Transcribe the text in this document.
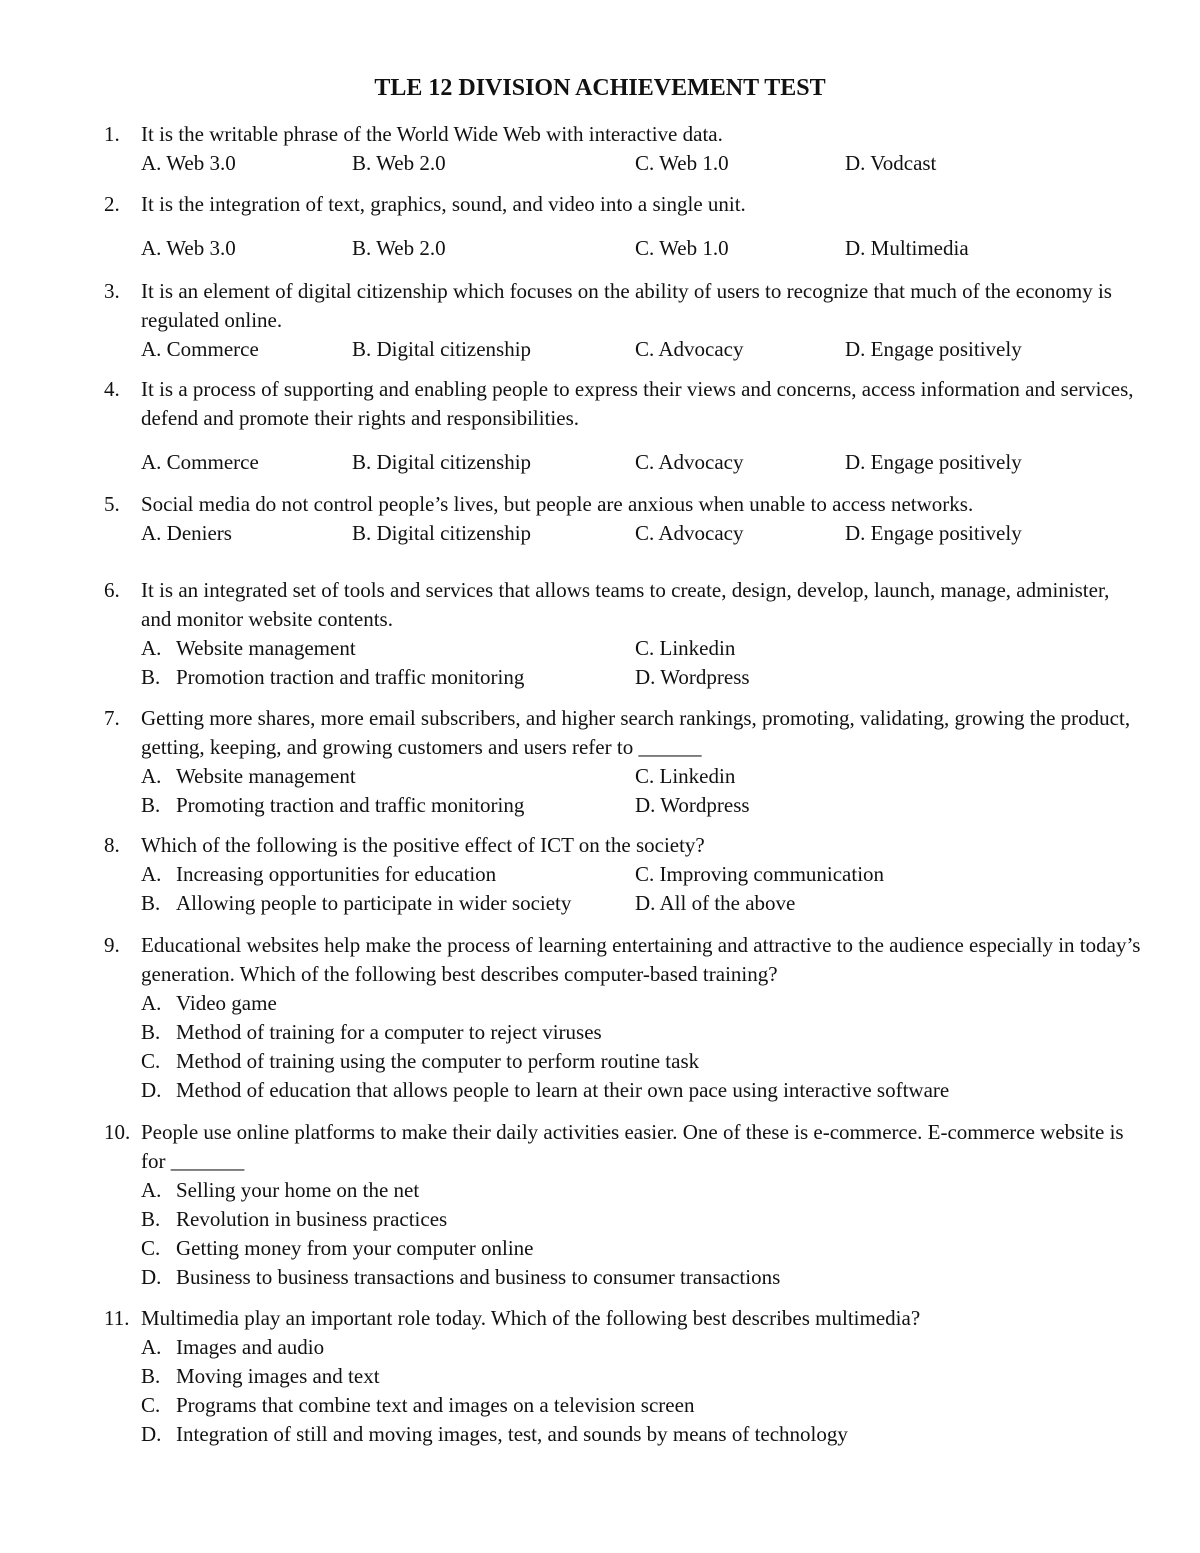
TLE 12 DIVISION ACHIEVEMENT TEST
1. It is the writable phrase of the World Wide Web with interactive data.
A. Web 3.0	B. Web 2.0	C. Web 1.0	D. Vodcast
2. It is the integration of text, graphics, sound, and video into a single unit.
A. Web 3.0	B. Web 2.0	C. Web 1.0	D. Multimedia
3. It is an element of digital citizenship which focuses on the ability of users to recognize that much of the economy is regulated online.
A. Commerce	B. Digital citizenship	C. Advocacy	D. Engage positively
4. It is a process of supporting and enabling people to express their views and concerns, access information and services, defend and promote their rights and responsibilities.
A. Commerce	B. Digital citizenship	C. Advocacy	D. Engage positively
5. Social media do not control people’s lives, but people are anxious when unable to access networks.
A. Deniers	B. Digital citizenship	C. Advocacy	D. Engage positively
6. It is an integrated set of tools and services that allows teams to create, design, develop, launch, manage, administer, and monitor website contents.
A. Website management	C. Linkedin
B. Promotion traction and traffic monitoring	D. Wordpress
7. Getting more shares, more email subscribers, and higher search rankings, promoting, validating, growing the product, getting, keeping, and growing customers and users refer to ______
A. Website management	C. Linkedin
B. Promoting traction and traffic monitoring	D. Wordpress
8. Which of the following is the positive effect of ICT on the society?
A. Increasing opportunities for education	C. Improving communication
B. Allowing people to participate in wider society	D. All of the above
9. Educational websites help make the process of learning entertaining and attractive to the audience especially in today’s generation. Which of the following best describes computer-based training?
A. Video game
B. Method of training for a computer to reject viruses
C. Method of training using the computer to perform routine task
D. Method of education that allows people to learn at their own pace using interactive software
10. People use online platforms to make their daily activities easier. One of these is e-commerce. E-commerce website is for _______
A. Selling your home on the net
B. Revolution in business practices
C. Getting money from your computer online
D. Business to business transactions and business to consumer transactions
11. Multimedia play an important role today. Which of the following best describes multimedia?
A. Images and audio
B. Moving images and text
C. Programs that combine text and images on a television screen
D. Integration of still and moving images, test, and sounds by means of technology
